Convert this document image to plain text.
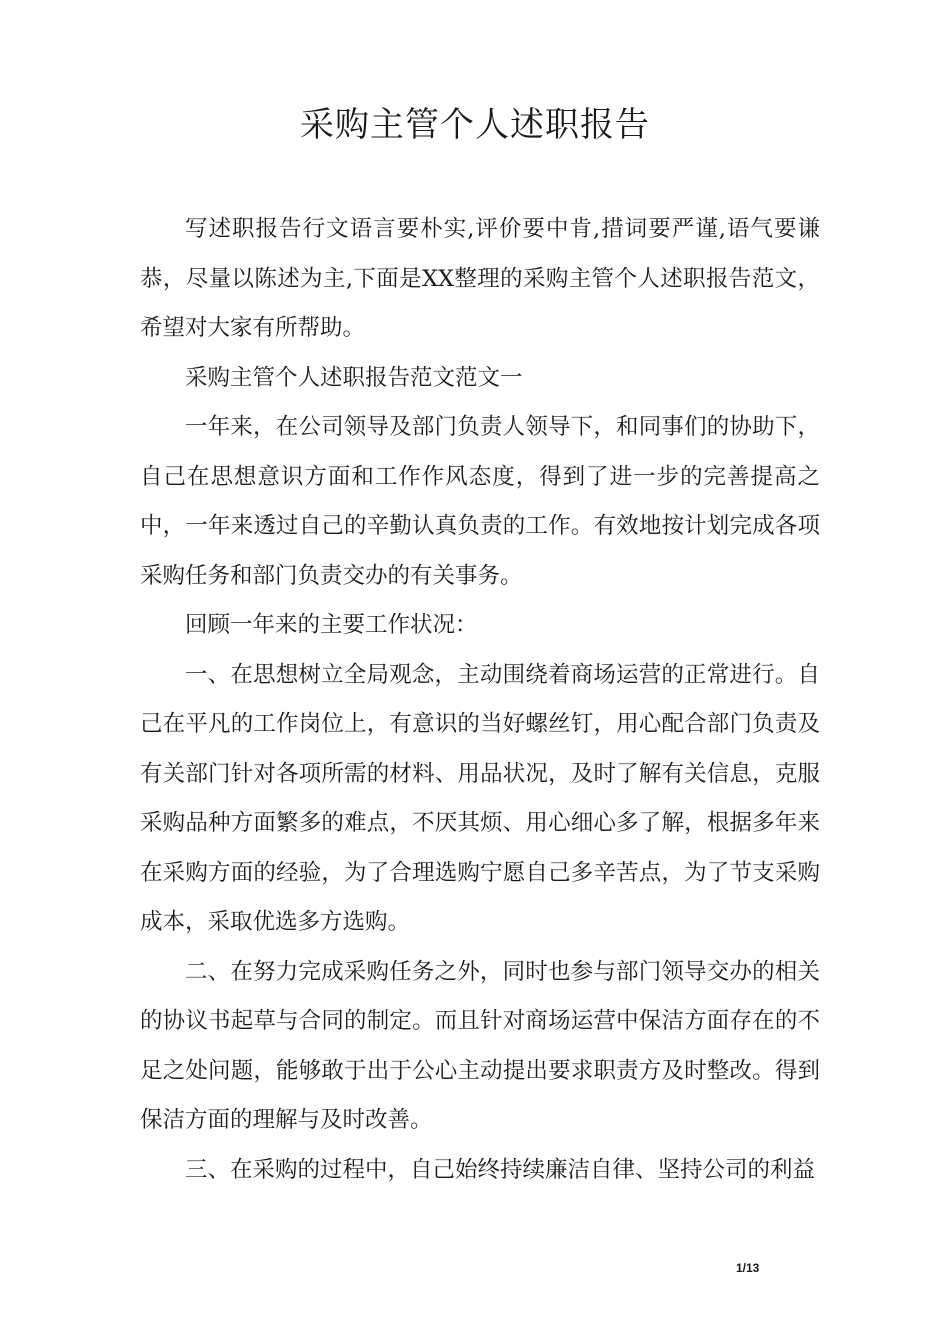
采购主管个人述职报告

写述职报告行文语言要朴实,评价要中肯,措词要严谨,语气要谦恭，尽量以陈述为主,下面是XX整理的采购主管个人述职报告范文，希望对大家有所帮助。

采购主管个人述职报告范文范文一

一年来，在公司领导及部门负责人领导下，和同事们的协助下，自己在思想意识方面和工作作风态度，得到了进一步的完善提高之中，一年来透过自己的辛勤认真负责的工作。有效地按计划完成各项采购任务和部门负责交办的有关事务。

回顾一年来的主要工作状况：

一、在思想树立全局观念，主动围绕着商场运营的正常进行。自己在平凡的工作岗位上，有意识的当好螺丝钉，用心配合部门负责及有关部门针对各项所需的材料、用品状况，及时了解有关信息，克服采购品种方面繁多的难点，不厌其烦、用心细心多了解，根据多年来在采购方面的经验，为了合理选购宁愿自己多辛苦点，为了节支采购成本，采取优选多方选购。

二、在努力完成采购任务之外，同时也参与部门领导交办的相关的协议书起草与合同的制定。而且针对商场运营中保洁方面存在的不足之处问题，能够敢于出于公心主动提出要求职责方及时整改。得到保洁方面的理解与及时改善。

三、在采购的过程中，自己始终持续廉洁自律、坚持公司的利益

1/13
